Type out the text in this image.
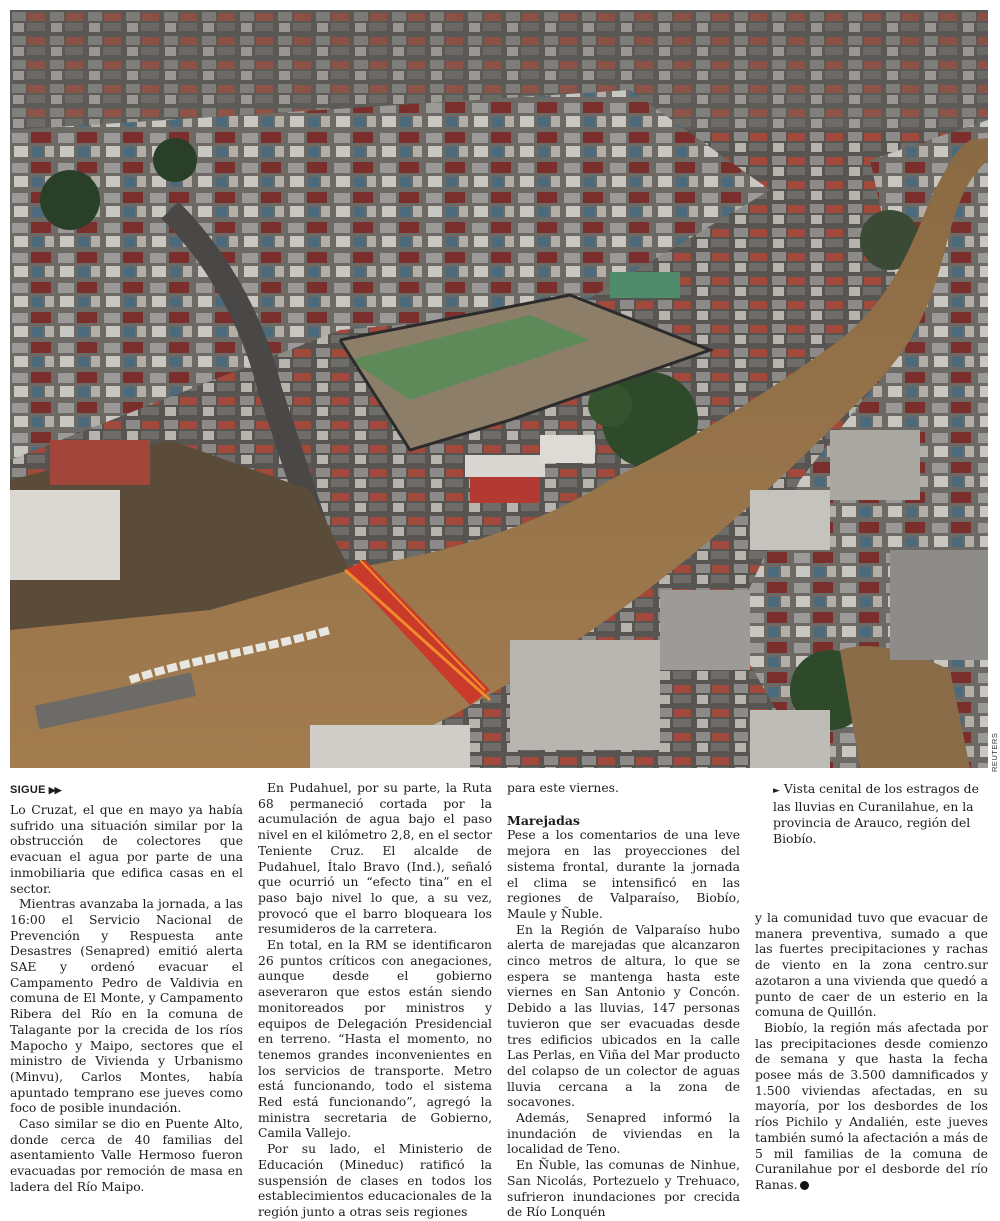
REUTERS
SIGUE ▶▶

Lo Cruzat, el que en mayo ya había sufrido una situación similar por la obstrucción de colectores que evacuan el agua por parte de una inmobiliaria que edifica casas en el sector.

Mientras avanzaba la jornada, a las 16:00 el Servicio Nacional de Prevención y Respuesta ante Desastres (Senapred) emitió alerta SAE y ordenó evacuar el Campamento Pedro de Valdivia en comuna de El Monte, y Campamento Ribera del Río en la comuna de Talagante por la crecida de los ríos Mapocho y Maipo, sectores que el ministro de Vivienda y Urbanismo (Minvu), Carlos Montes, había apuntado temprano ese jueves como foco de posible inundación.

Caso similar se dio en Puente Alto, donde cerca de 40 familias del asentamiento Valle Hermoso fueron evacuadas por remoción de masa en ladera del Río Maipo.

En Pudahuel, por su parte, la Ruta 68 permaneció cortada por la acumulación de agua bajo el paso nivel en el kilómetro 2,8, en el sector Teniente Cruz. El alcalde de Pudahuel, Ítalo Bravo (Ind.), señaló que ocurrió un “efecto tina” en el paso bajo nivel lo que, a su vez, provocó que el barro bloqueara los resumideros de la carretera.

En total, en la RM se identificaron 26 puntos críticos con anegaciones, aunque desde el gobierno aseveraron que estos están siendo monitoreados por ministros y equipos de Delegación Presidencial en terreno. “Hasta el momento, no tenemos grandes inconvenientes en los servicios de transporte. Metro está funcionando, todo el sistema Red está funcionando”, agregó la ministra secretaria de Gobierno, Camila Vallejo.

Por su lado, el Ministerio de Educación (Mineduc) ratificó la suspensión de clases en todos los establecimientos educacionales de la región junto a otras seis regiones

para este viernes.

Marejadas

Pese a los comentarios de una leve mejora en las proyecciones del sistema frontal, durante la jornada el clima se intensificó en las regiones de Valparaíso, Biobío, Maule y Ñuble.

En la Región de Valparaíso hubo alerta de marejadas que alcanzaron cinco metros de altura, lo que se espera se mantenga hasta este viernes en San Antonio y Concón. Debido a las lluvias, 147 personas tuvieron que ser evacuadas desde tres edificios ubicados en la calle Las Perlas, en Viña del Mar producto del colapso de un colector de aguas lluvia cercana a la zona de socavones.

Además, Senapred informó la inundación de viviendas en la localidad de Teno.

En Ñuble, las comunas de Ninhue, San Nicolás, Portezuelo y Trehuaco, sufrieron inundaciones por crecida de Río Lonquén

► Vista cenital de los estragos de las lluvias en Curanilahue, en la provincia de Arauco, región del Biobío.

y la comunidad tuvo que evacuar de manera preventiva, sumado a que las fuertes precipitaciones y rachas de viento en la zona centro.sur azotaron a una vivienda que quedó a punto de caer de un esterio en la comuna de Quillón.

Biobío, la región más afectada por las precipitaciones desde comienzo de semana y que hasta la fecha posee más de 3.500 damnificados y 1.500 viviendas afectadas, en su mayoría, por los desbordes de los ríos Pichilo y Andalién, este jueves también sumó la afectación a más de 5 mil familias de la comuna de Curanilahue por el desborde del río Ranas.
